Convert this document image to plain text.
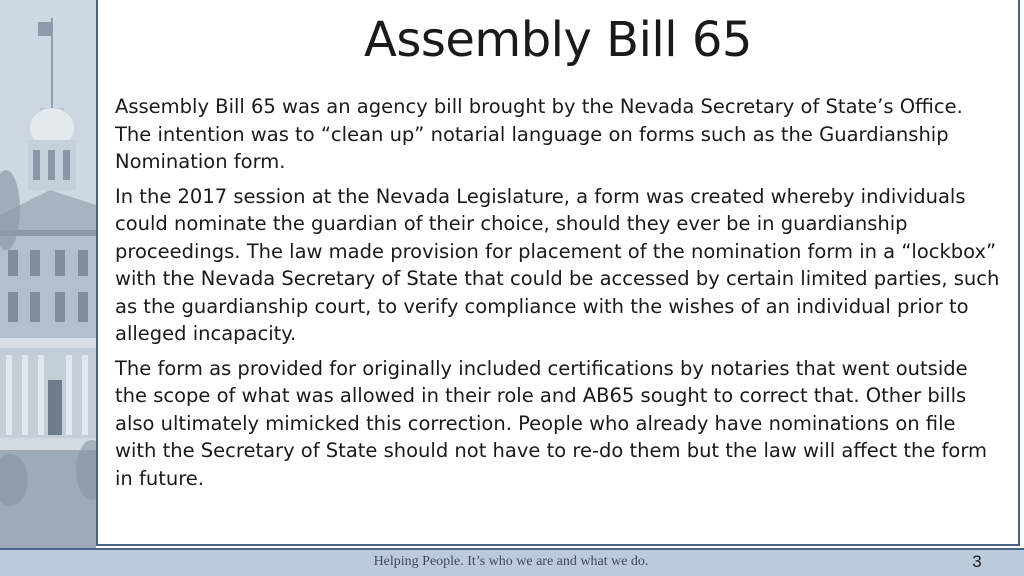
Assembly Bill 65

Assembly Bill 65 was an agency bill brought by the Nevada Secretary of State’s Office. The intention was to “clean up” notarial language on forms such as the Guardianship Nomination form.

In the 2017 session at the Nevada Legislature, a form was created whereby individuals could nominate the guardian of their choice, should they ever be in guardianship proceedings. The law made provision for placement of the nomination form in a “lockbox” with the Nevada Secretary of State that could be accessed by certain limited parties, such as the guardianship court, to verify compliance with the wishes of an individual prior to alleged incapacity.

The form as provided for originally included certifications by notaries that went outside the scope of what was allowed in their role and AB65 sought to correct that. Other bills also ultimately mimicked this correction. People who already have nominations on file with the Secretary of State should not have to re-do them but the law will affect the form in future.

Helping People. It’s who we are and what we do.	3
